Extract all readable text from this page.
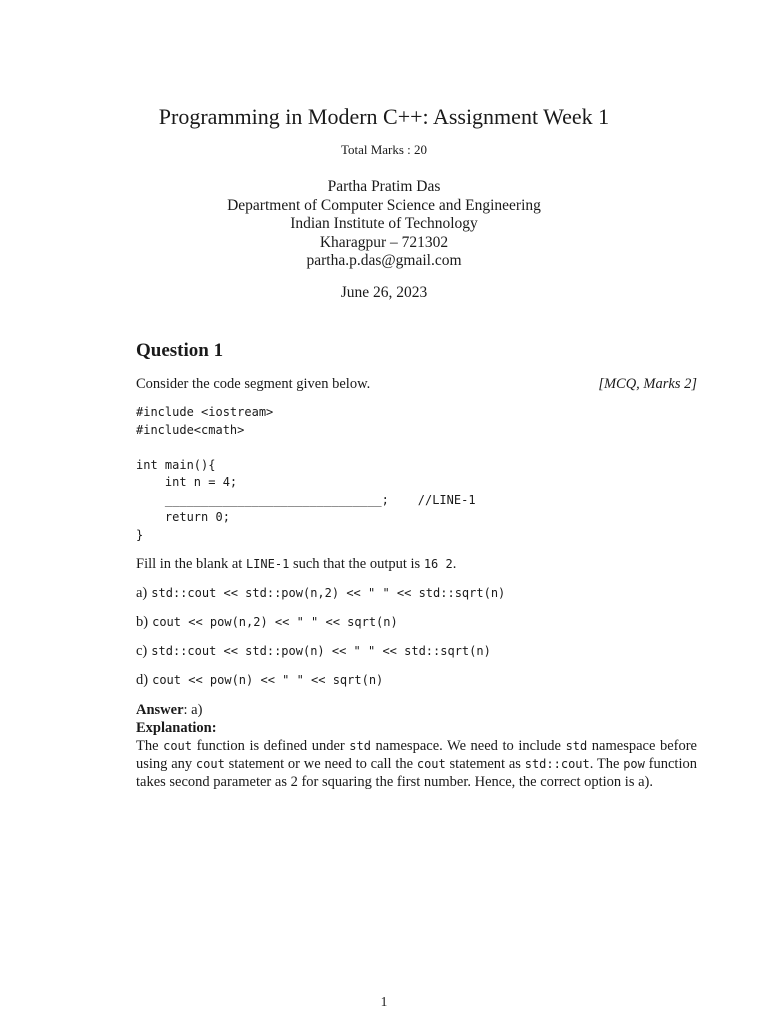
Programming in Modern C++: Assignment Week 1
Total Marks : 20
Partha Pratim Das
Department of Computer Science and Engineering
Indian Institute of Technology
Kharagpur – 721302
partha.p.das@gmail.com
June 26, 2023
Question 1
Consider the code segment given below.	[MCQ, Marks 2]
#include <iostream>
#include<cmath>

int main(){
int n = 4;
______________________________;    //LINE-1
return 0;
}
Fill in the blank at LINE-1 such that the output is 16 2.
a) std::cout << std::pow(n,2) << " " << std::sqrt(n)
b) cout << pow(n,2) << " " << sqrt(n)
c) std::cout << std::pow(n) << " " << std::sqrt(n)
d) cout << pow(n) << " " << sqrt(n)
Answer: a)
Explanation:
The cout function is defined under std namespace. We need to include std namespace before using any cout statement or we need to call the cout statement as std::cout. The pow function takes second parameter as 2 for squaring the first number. Hence, the correct option is a).
1
